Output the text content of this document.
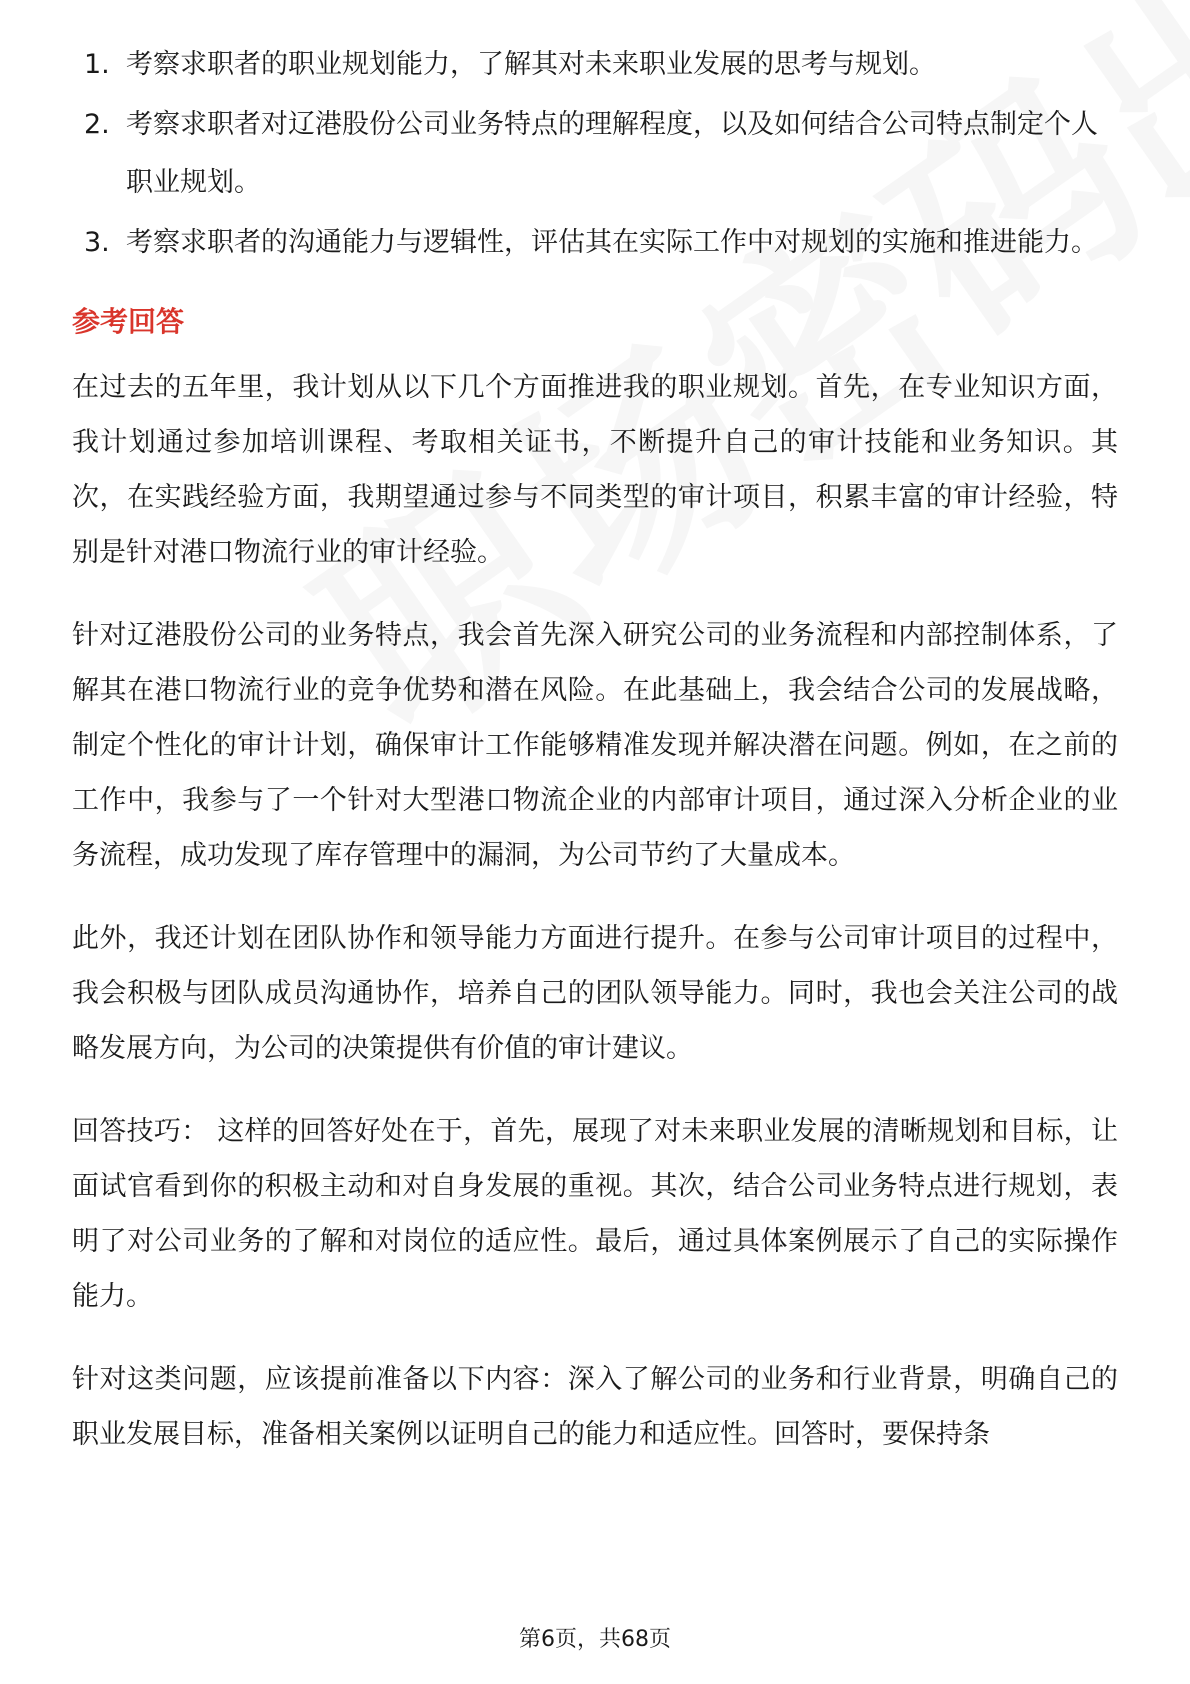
1. 考察求职者的职业规划能力，了解其对未来职业发展的思考与规划。
2. 考察求职者对辽港股份公司业务特点的理解程度，以及如何结合公司特点制定个人职业规划。
3. 考察求职者的沟通能力与逻辑性，评估其在实际工作中对规划的实施和推进能力。
参考回答

在过去的五年里，我计划从以下几个方面推进我的职业规划。首先，在专业知识方面，我计划通过参加培训课程、考取相关证书，不断提升自己的审计技能和业务知识。其次，在实践经验方面，我期望通过参与不同类型的审计项目，积累丰富的审计经验，特别是针对港口物流行业的审计经验。

针对辽港股份公司的业务特点，我会首先深入研究公司的业务流程和内部控制体系，了解其在港口物流行业的竞争优势和潜在风险。在此基础上，我会结合公司的发展战略，制定个性化的审计计划，确保审计工作能够精准发现并解决潜在问题。例如，在之前的工作中，我参与了一个针对大型港口物流企业的内部审计项目，通过深入分析企业的业务流程，成功发现了库存管理中的漏洞，为公司节约了大量成本。

此外，我还计划在团队协作和领导能力方面进行提升。在参与公司审计项目的过程中，我会积极与团队成员沟通协作，培养自己的团队领导能力。同时，我也会关注公司的战略发展方向，为公司的决策提供有价值的审计建议。

回答技巧： 这样的回答好处在于，首先，展现了对未来职业发展的清晰规划和目标，让面试官看到你的积极主动和对自身发展的重视。其次，结合公司业务特点进行规划，表明了对公司业务的了解和对岗位的适应性。最后，通过具体案例展示了自己的实际操作能力。

针对这类问题，应该提前准备以下内容：深入了解公司的业务和行业背景，明确自己的职业发展目标，准备相关案例以证明自己的能力和适应性。回答时，要保持条

第6页，共68页
